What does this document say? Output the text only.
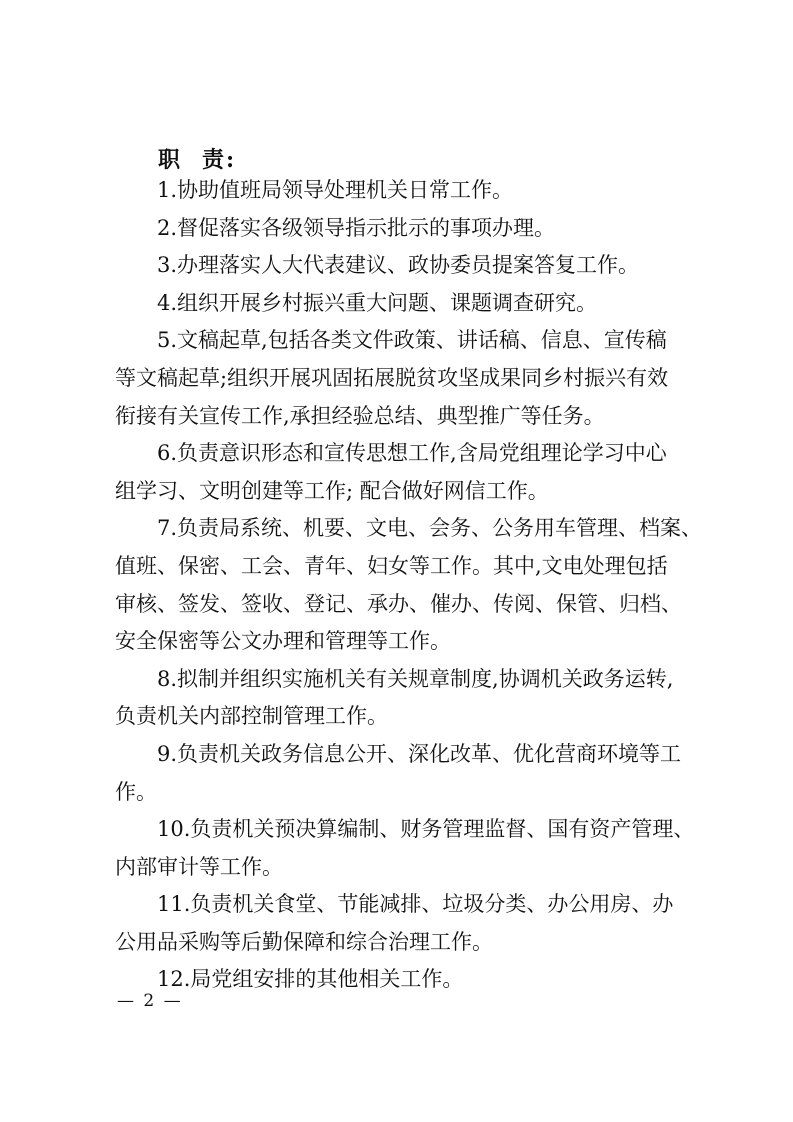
职 责:

1.协助值班局领导处理机关日常工作。

2.督促落实各级领导指示批示的事项办理。

3.办理落实人大代表建议、政协委员提案答复工作。

4.组织开展乡村振兴重大问题、课题调查研究。

5.文稿起草,包括各类文件政策、讲话稿、信息、宣传稿

等文稿起草;组织开展巩固拓展脱贫攻坚成果同乡村振兴有效

衔接有关宣传工作,承担经验总结、典型推广等任务。

6.负责意识形态和宣传思想工作,含局党组理论学习中心

组学习、文明创建等工作; 配合做好网信工作。

7.负责局系统、机要、文电、会务、公务用车管理、档案、

值班、保密、工会、青年、妇女等工作。其中,文电处理包括

审核、签发、签收、登记、承办、催办、传阅、保管、归档、

安全保密等公文办理和管理等工作。

8.拟制并组织实施机关有关规章制度,协调机关政务运转,

负责机关内部控制管理工作。

9.负责机关政务信息公开、深化改革、优化营商环境等工

作。

10.负责机关预决算编制、财务管理监督、国有资产管理、

内部审计等工作。

11.负责机关食堂、节能减排、垃圾分类、办公用房、办

公用品采购等后勤保障和综合治理工作。

12.局党组安排的其他相关工作。

— 2 —
